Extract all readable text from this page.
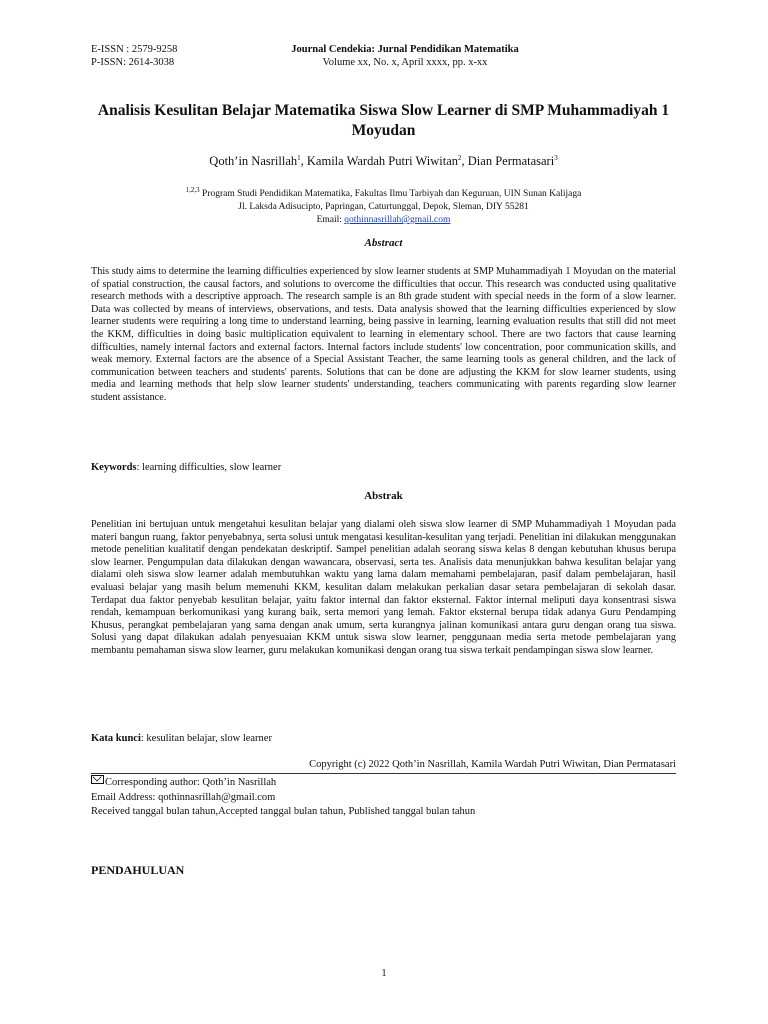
E-ISSN : 2579-9258
P-ISSN: 2614-3038
Journal Cendekia: Jurnal Pendidikan Matematika
Volume xx, No. x, April xxxx, pp. x-xx
Analisis Kesulitan Belajar Matematika Siswa Slow Learner di SMP Muhammadiyah 1 Moyudan
Qoth’in Nasrillah$^1$, Kamila Wardah Putri Wiwitan$^2$, Dian Permatasari$^3$
$^{1,2,3}$ Program Studi Pendidikan Matematika, Fakultas Ilmu Tarbiyah dan Keguruan, UIN Sunan Kalijaga
Jl. Laksda Adisucipto, Papringan, Caturtunggal, Depok, Sleman, DIY 55281
Email: qothinnasrillah@gmail.com
Abstract
This study aims to determine the learning difficulties experienced by slow learner students at SMP Muhammadiyah 1 Moyudan on the material of spatial construction, the causal factors, and solutions to overcome the difficulties that occur. This research was conducted using qualitative research methods with a descriptive approach. The research sample is an 8th grade student with special needs in the form of a slow learner. Data was collected by means of interviews, observations, and tests. Data analysis showed that the learning difficulties experienced by slow learner students were requiring a long time to understand learning, being passive in learning, learning evaluation results that still did not meet the KKM, difficulties in doing basic multiplication equivalent to learning in elementary school. There are two factors that cause learning difficulties, namely internal factors and external factors. Internal factors include students' low concentration, poor communication skills, and weak memory. External factors are the absence of a Special Assistant Teacher, the same learning tools as general children, and the lack of communication between teachers and students' parents. Solutions that can be done are adjusting the KKM for slow learner students, using media and learning methods that help slow learner students' understanding, teachers communicating with parents regarding slow learner student assistance.
Keywords: learning difficulties, slow learner
Abstrak
Penelitian ini bertujuan untuk mengetahui kesulitan belajar yang dialami oleh siswa slow learner di SMP Muhammadiyah 1 Moyudan pada materi bangun ruang, faktor penyebabnya, serta solusi untuk mengatasi kesulitan-kesulitan yang terjadi. Penelitian ini dilakukan menggunakan metode penelitian kualitatif dengan pendekatan deskriptif. Sampel penelitian adalah seorang siswa kelas 8 dengan kebutuhan khusus berupa slow learner. Pengumpulan data dilakukan dengan wawancara, observasi, serta tes. Analisis data menunjukkan bahwa kesulitan belajar yang dialami oleh siswa slow learner adalah membutuhkan waktu yang lama dalam memahami pembelajaran, pasif dalam pembelajaran, hasil evaluasi belajar yang masih belum memenuhi KKM, kesulitan dalam melakukan perkalian dasar setara pembelajaran di sekolah dasar. Terdapat dua faktor penyebab kesulitan belajar, yaitu faktor internal dan faktor eksternal. Faktor internal meliputi daya konsentrasi siswa rendah, kemampuan berkomunikasi yang kurang baik, serta memori yang lemah. Faktor eksternal berupa tidak adanya Guru Pendamping Khusus, perangkat pembelajaran yang sama dengan anak umum, serta kurangnya jalinan komunikasi antara guru dengan orang tua siswa. Solusi yang dapat dilakukan adalah penyesuaian KKM untuk siswa slow learner, penggunaan media serta metode pembelajaran yang membantu pemahaman siswa slow learner, guru melakukan komunikasi dengan orang tua siswa terkait pendampingan siswa slow learner.
Kata kunci: kesulitan belajar, slow learner
Copyright (c) 2022 Qoth’in Nasrillah, Kamila Wardah Putri Wiwitan, Dian Permatasari
Corresponding author: Qoth’in Nasrillah
Email Address: qothinnasrillah@gmail.com
Received tanggal bulan tahun,Accepted tanggal bulan tahun, Published tanggal bulan tahun
PENDAHULUAN
1
